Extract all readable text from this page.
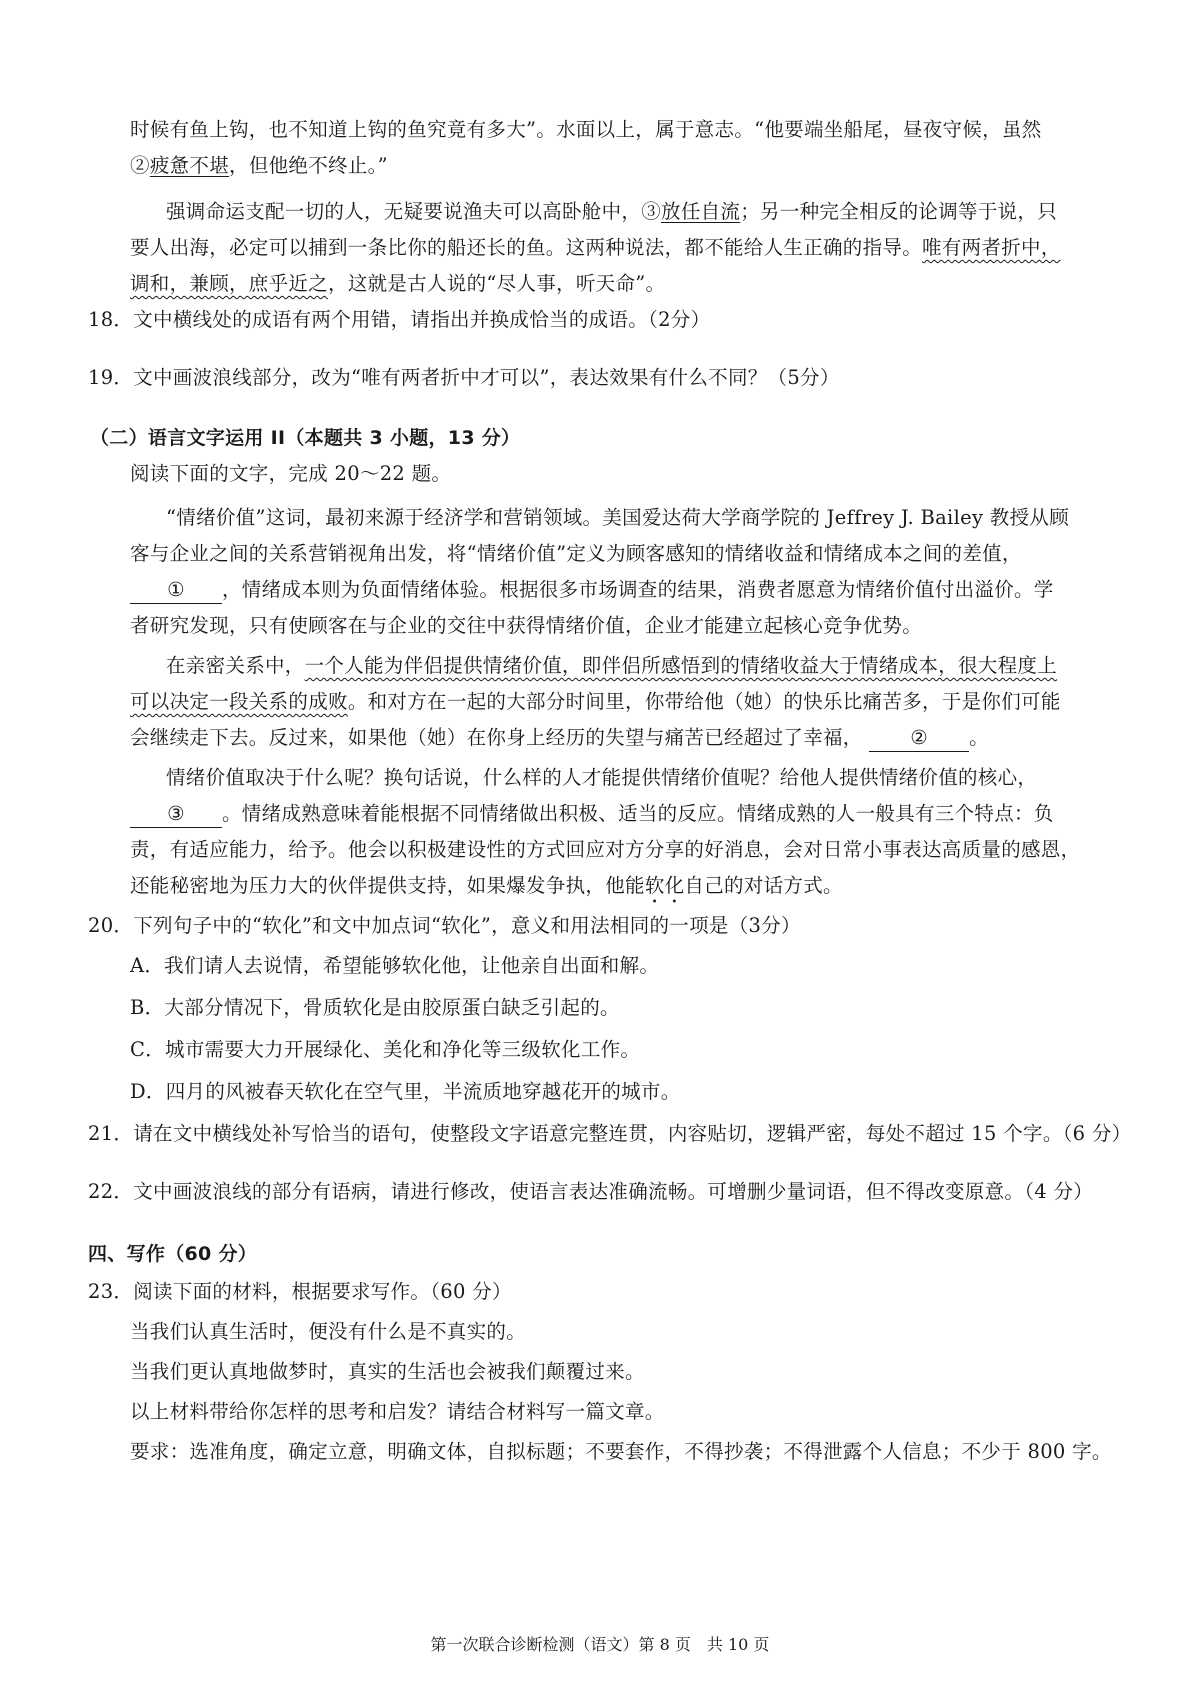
时候有鱼上钩，也不知道上钩的鱼究竟有多大”。水面以上，属于意志。“他要端坐船尾，昼夜守候，虽然
②疲惫不堪，但他绝不终止。”
强调命运支配一切的人，无疑要说渔夫可以高卧舱中，③放任自流；另一种完全相反的论调等于说，只
要人出海，必定可以捕到一条比你的船还长的鱼。这两种说法，都不能给人生正确的指导。唯有两者折中，
调和，兼顾，庶乎近之，这就是古人说的“尽人事，听天命”。
18．文中横线处的成语有两个用错，请指出并换成恰当的成语。（2分）
19．文中画波浪线部分，改为“唯有两者折中才可以”，表达效果有什么不同？（5分）
（二）语言文字运用 II（本题共 3 小题，13 分）
阅读下面的文字，完成 20～22 题。
“情绪价值”这词，最初来源于经济学和营销领域。美国爱达荷大学商学院的 Jeffrey J. Bailey 教授从顾
客与企业之间的关系营销视角出发，将“情绪价值”定义为顾客感知的情绪收益和情绪成本之间的差值，
① ，情绪成本则为负面情绪体验。根据很多市场调查的结果，消费者愿意为情绪价值付出溢价。学
者研究发现，只有使顾客在与企业的交往中获得情绪价值，企业才能建立起核心竞争优势。
在亲密关系中，一个人能为伴侣提供情绪价值，即伴侣所感悟到的情绪收益大于情绪成本，很大程度上
可以决定一段关系的成败。和对方在一起的大部分时间里，你带给他（她）的快乐比痛苦多，于是你们可能
会继续走下去。反过来，如果他（她）在你身上经历的失望与痛苦已经超过了幸福， ② 。
情绪价值取决于什么呢？换句话说，什么样的人才能提供情绪价值呢？给他人提供情绪价值的核心，
③ 。情绪成熟意味着能根据不同情绪做出积极、适当的反应。情绪成熟的人一般具有三个特点：负
责，有适应能力，给予。他会以积极建设性的方式回应对方分享的好消息，会对日常小事表达高质量的感恩，
还能秘密地为压力大的伙伴提供支持，如果爆发争执，他能软化自己的对话方式。
20．下列句子中的“软化”和文中加点词“软化”，意义和用法相同的一项是（3分）
A．我们请人去说情，希望能够软化他，让他亲自出面和解。
B．大部分情况下，骨质软化是由胶原蛋白缺乏引起的。
C．城市需要大力开展绿化、美化和净化等三级软化工作。
D．四月的风被春天软化在空气里，半流质地穿越花开的城市。
21．请在文中横线处补写恰当的语句，使整段文字语意完整连贯，内容贴切，逻辑严密，每处不超过 15 个字。（6 分）
22．文中画波浪线的部分有语病，请进行修改，使语言表达准确流畅。可增删少量词语，但不得改变原意。（4 分）
四、写作（60 分）
23．阅读下面的材料，根据要求写作。（60 分）
当我们认真生活时，便没有什么是不真实的。
当我们更认真地做梦时，真实的生活也会被我们颠覆过来。
以上材料带给你怎样的思考和启发？请结合材料写一篇文章。
要求：选准角度，确定立意，明确文体，自拟标题；不要套作，不得抄袭；不得泄露个人信息；不少于 800 字。
第一次联合诊断检测（语文）第 8 页　共 10 页
